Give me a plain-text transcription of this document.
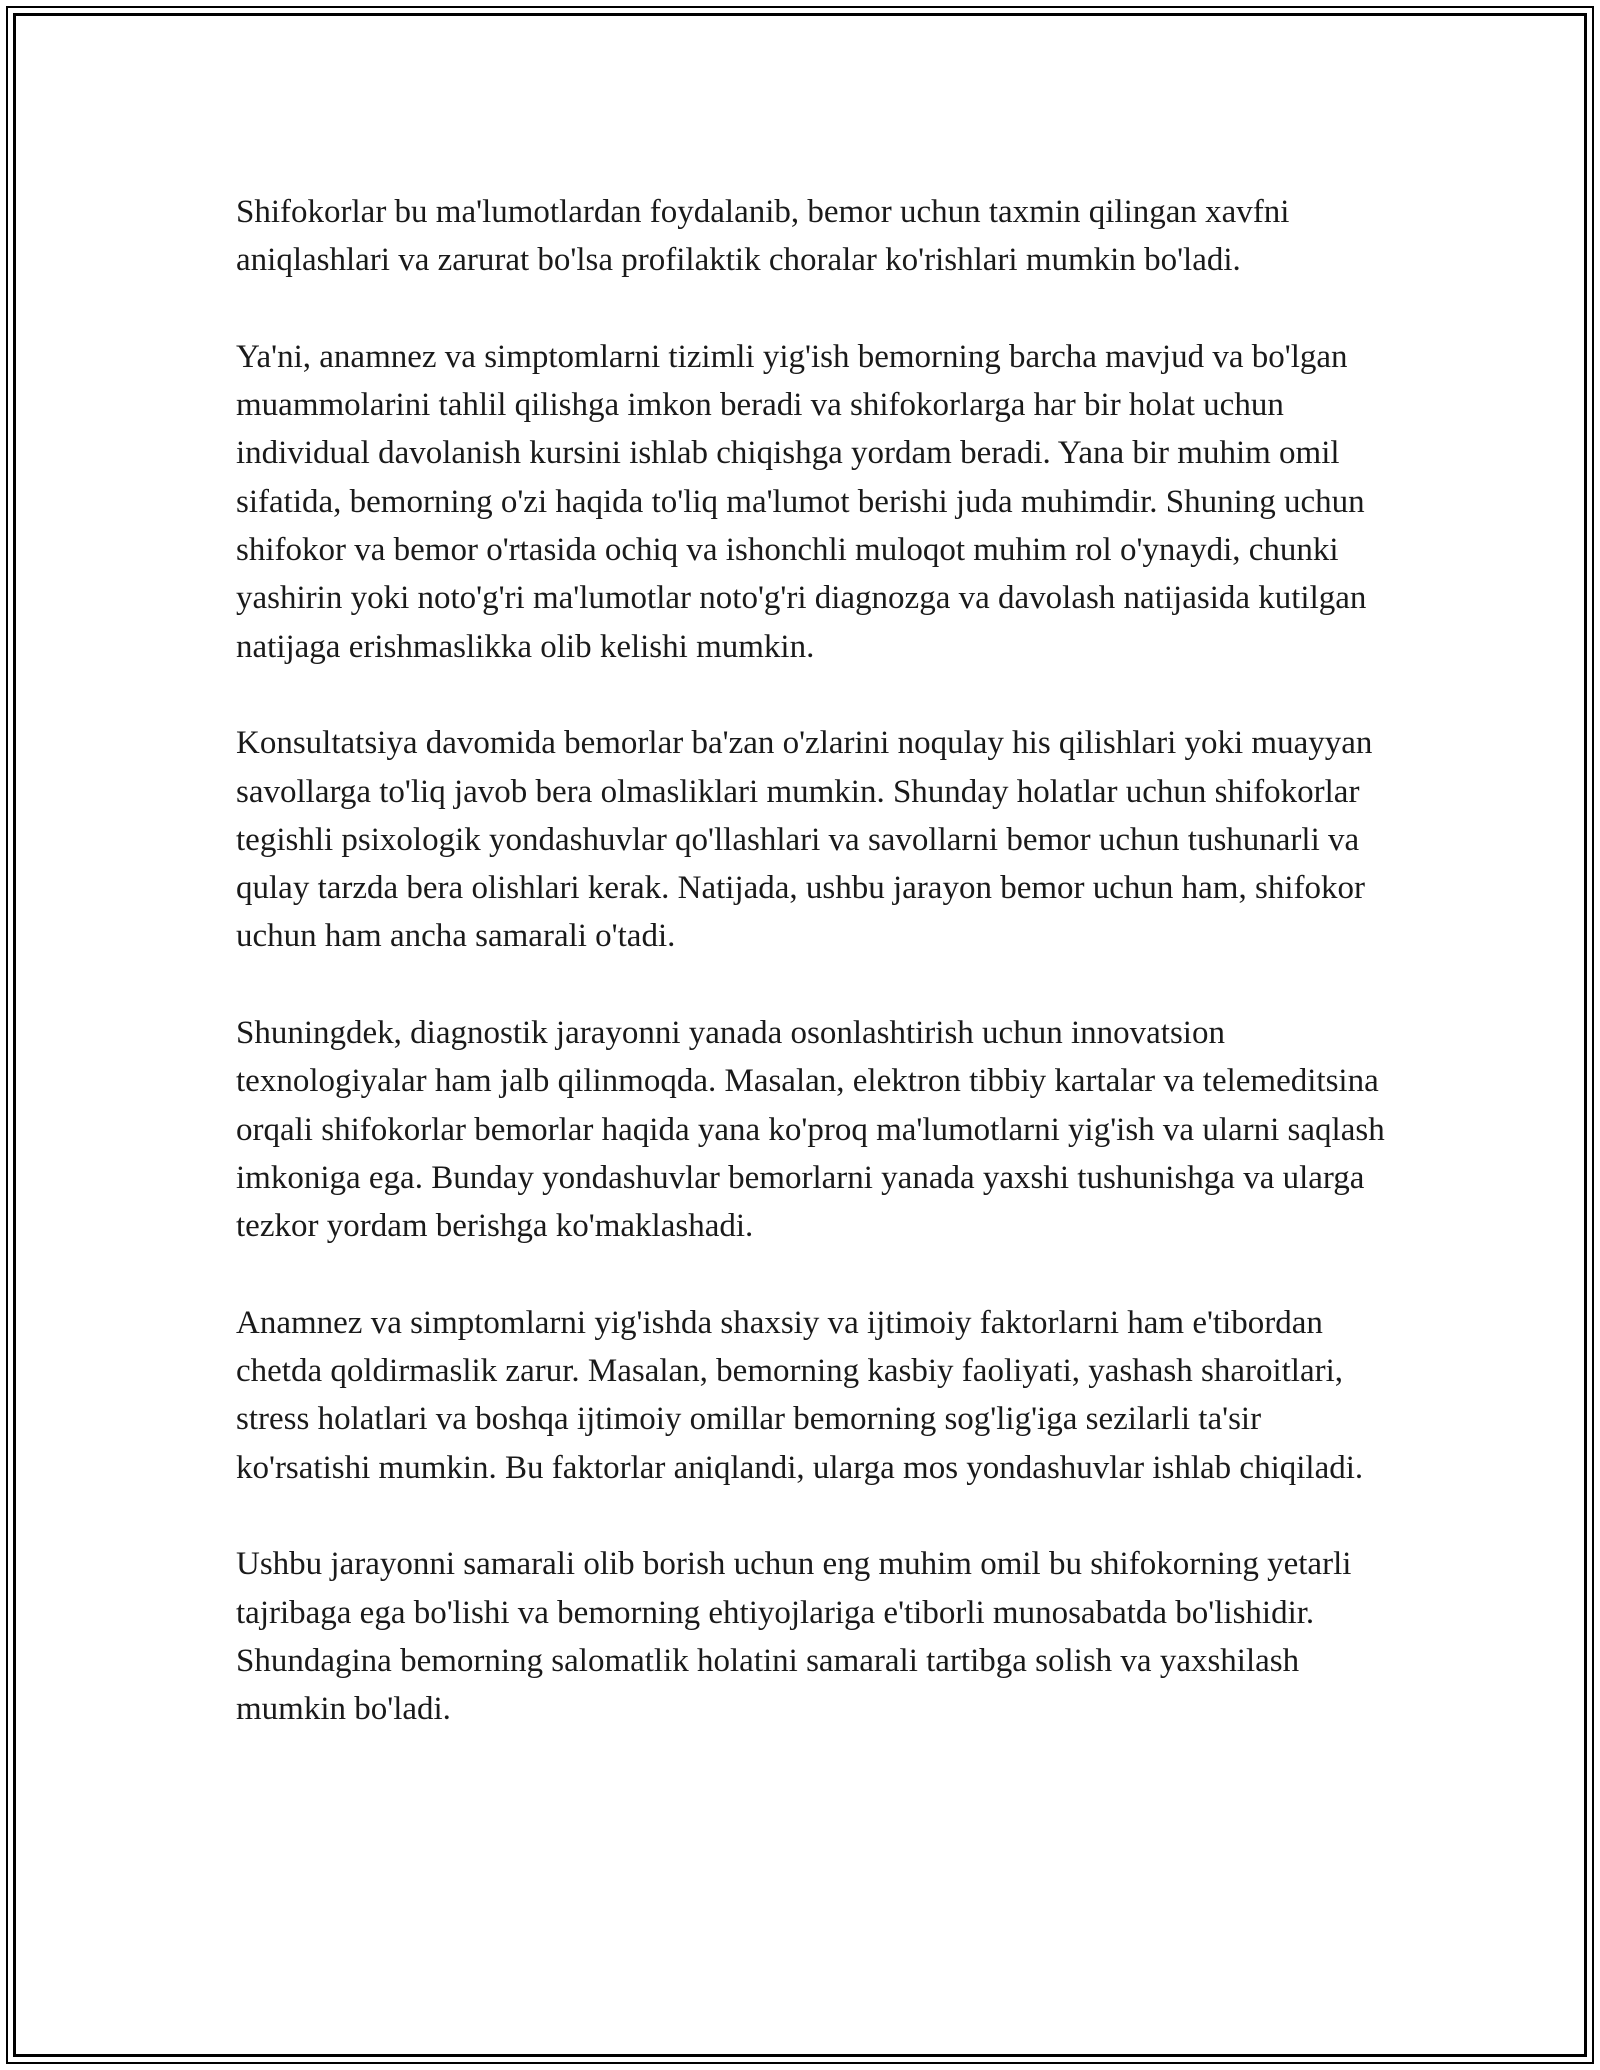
Shifokorlar bu ma'lumotlardan foydalanib, bemor uchun taxmin qilingan xavfni aniqlashlari va zarurat bo'lsa profilaktik choralar ko'rishlari mumkin bo'ladi.

Ya'ni, anamnez va simptomlarni tizimli yig'ish bemorning barcha mavjud va bo'lgan muammolarini tahlil qilishga imkon beradi va shifokorlarga har bir holat uchun individual davolanish kursini ishlab chiqishga yordam beradi. Yana bir muhim omil sifatida, bemorning o'zi haqida to'liq ma'lumot berishi juda muhimdir. Shuning uchun shifokor va bemor o'rtasida ochiq va ishonchli muloqot muhim rol o'ynaydi, chunki yashirin yoki noto'g'ri ma'lumotlar noto'g'ri diagnozga va davolash natijasida kutilgan natijaga erishmaslikka olib kelishi mumkin.

Konsultatsiya davomida bemorlar ba'zan o'zlarini noqulay his qilishlari yoki muayyan savollarga to'liq javob bera olmasliklari mumkin. Shunday holatlar uchun shifokorlar tegishli psixologik yondashuvlar qo'llashlari va savollarni bemor uchun tushunarli va qulay tarzda bera olishlari kerak. Natijada, ushbu jarayon bemor uchun ham, shifokor uchun ham ancha samarali o'tadi.

Shuningdek, diagnostik jarayonni yanada osonlashtirish uchun innovatsion texnologiyalar ham jalb qilinmoqda. Masalan, elektron tibbiy kartalar va telemeditsina orqali shifokorlar bemorlar haqida yana ko'proq ma'lumotlarni yig'ish va ularni saqlash imkoniga ega. Bunday yondashuvlar bemorlarni yanada yaxshi tushunishga va ularga tezkor yordam berishga ko'maklashadi.

Anamnez va simptomlarni yig'ishda shaxsiy va ijtimoiy faktorlarni ham e'tibordan chetda qoldirmaslik zarur. Masalan, bemorning kasbiy faoliyati, yashash sharoitlari, stress holatlari va boshqa ijtimoiy omillar bemorning sog'lig'iga sezilarli ta'sir ko'rsatishi mumkin. Bu faktorlar aniqlandi, ularga mos yondashuvlar ishlab chiqiladi.

Ushbu jarayonni samarali olib borish uchun eng muhim omil bu shifokorning yetarli tajribaga ega bo'lishi va bemorning ehtiyojlariga e'tiborli munosabatda bo'lishidir. Shundagina bemorning salomatlik holatini samarali tartibga solish va yaxshilash mumkin bo'ladi.
